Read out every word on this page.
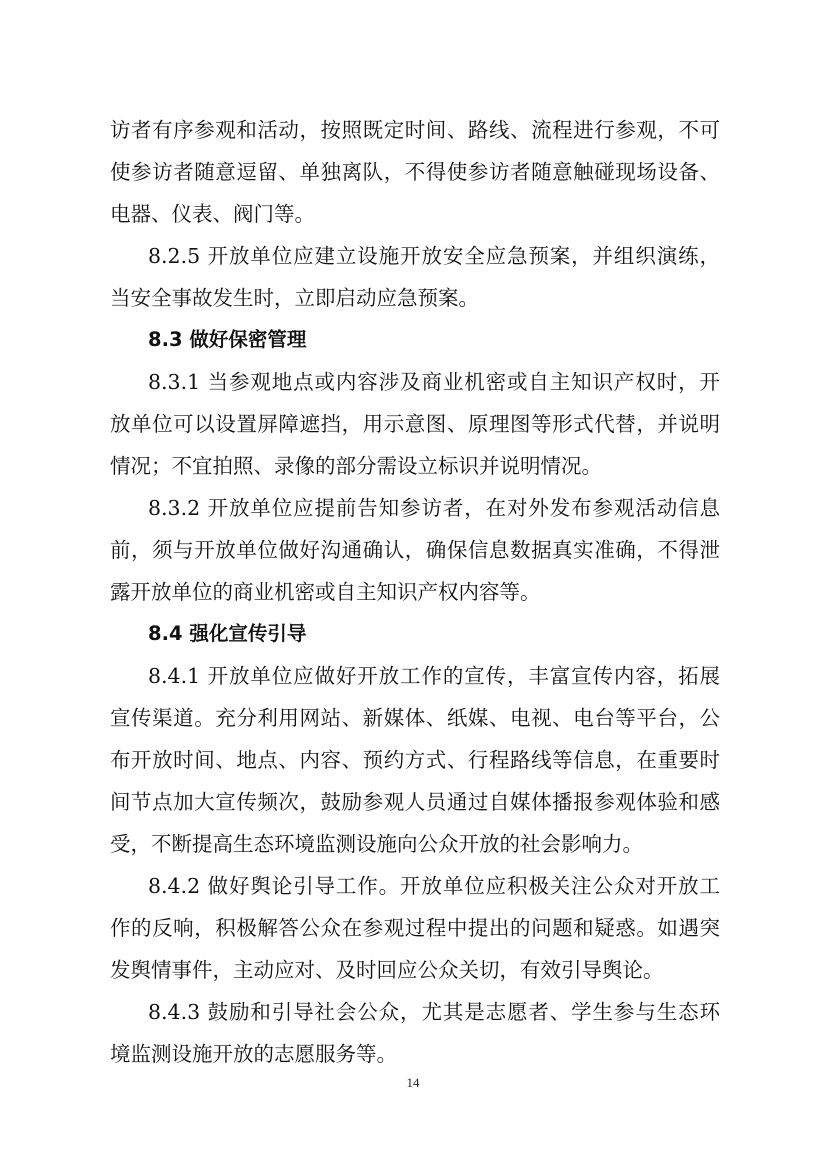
访者有序参观和活动，按照既定时间、路线、流程进行参观，不可
使参访者随意逗留、单独离队，不得使参访者随意触碰现场设备、
电器、仪表、阀门等。
8.2.5 开放单位应建立设施开放安全应急预案，并组织演练，
当安全事故发生时，立即启动应急预案。
8.3 做好保密管理
8.3.1 当参观地点或内容涉及商业机密或自主知识产权时，开
放单位可以设置屏障遮挡，用示意图、原理图等形式代替，并说明
情况；不宜拍照、录像的部分需设立标识并说明情况。
8.3.2 开放单位应提前告知参访者，在对外发布参观活动信息
前，须与开放单位做好沟通确认，确保信息数据真实准确，不得泄
露开放单位的商业机密或自主知识产权内容等。
8.4 强化宣传引导
8.4.1 开放单位应做好开放工作的宣传，丰富宣传内容，拓展
宣传渠道。充分利用网站、新媒体、纸媒、电视、电台等平台，公
布开放时间、地点、内容、预约方式、行程路线等信息，在重要时
间节点加大宣传频次，鼓励参观人员通过自媒体播报参观体验和感
受，不断提高生态环境监测设施向公众开放的社会影响力。
8.4.2 做好舆论引导工作。开放单位应积极关注公众对开放工
作的反响，积极解答公众在参观过程中提出的问题和疑惑。如遇突
发舆情事件，主动应对、及时回应公众关切，有效引导舆论。
8.4.3 鼓励和引导社会公众，尤其是志愿者、学生参与生态环
境监测设施开放的志愿服务等。
14
